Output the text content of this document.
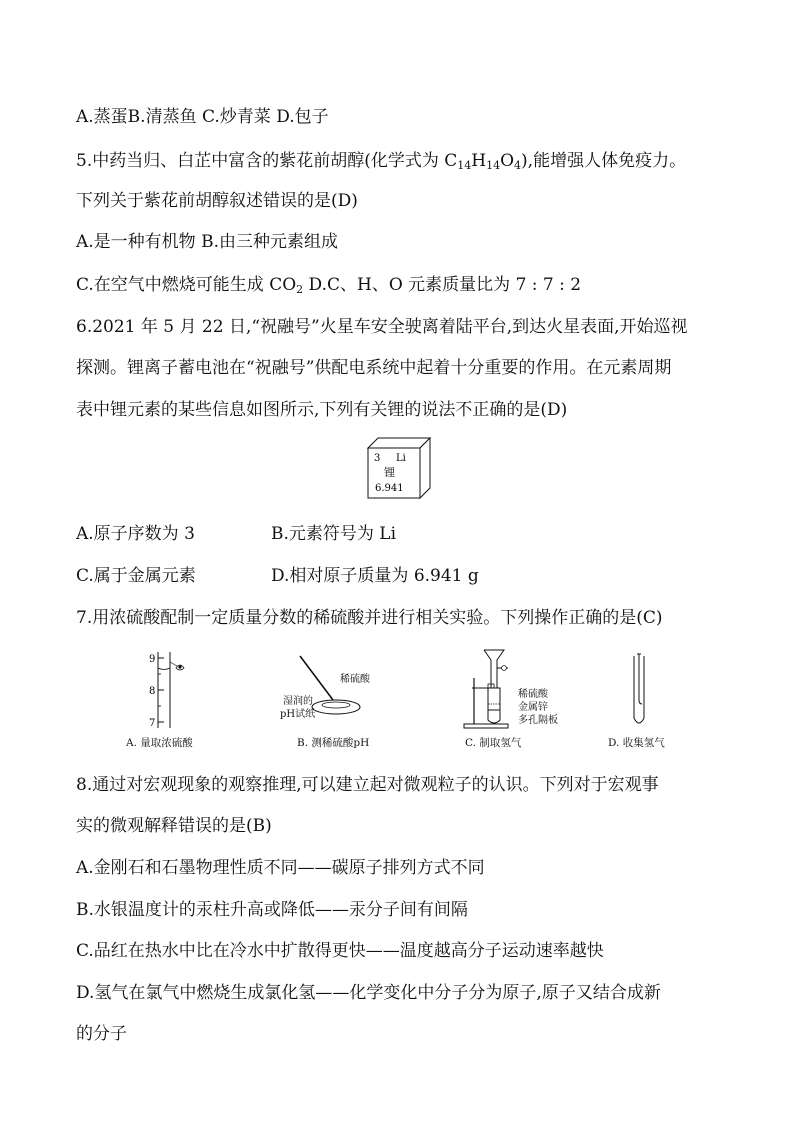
A.蒸蛋B.清蒸鱼 C.炒青菜 D.包子
5.中药当归、白芷中富含的紫花前胡醇(化学式为 $C_{14}H_{14}O_4$),能增强人体免疫力。
下列关于紫花前胡醇叙述错误的是(D)
A.是一种有机物 B.由三种元素组成
C.在空气中燃烧可能生成 $CO_2$ D.C、H、O 元素质量比为 7 : 7 : 2
6.2021 年 5 月 22 日,“祝融号”火星车安全驶离着陆平台,到达火星表面,开始巡视
探测。锂离子蓄电池在“祝融号”供配电系统中起着十分重要的作用。在元素周期
表中锂元素的某些信息如图所示,下列有关锂的说法不正确的是(D)
3 Li
锂
6.941
A.原子序数为 3	B.元素符号为 Li
C.属于金属元素	D.相对原子质量为 6.941 g
7.用浓硫酸配制一定质量分数的稀硫酸并进行相关实验。下列操作正确的是(C)
9
8
7
A. 量取浓硫酸
稀硫酸
湿润的
pH试纸
B. 测稀硫酸pH
稀硫酸
金属锌
多孔隔板
C. 制取氢气	D. 收集氢气
8.通过对宏观现象的观察推理,可以建立起对微观粒子的认识。下列对于宏观事
实的微观解释错误的是(B)
A.金刚石和石墨物理性质不同——碳原子排列方式不同
B.水银温度计的汞柱升高或降低——汞分子间有间隔
C.品红在热水中比在冷水中扩散得更快——温度越高分子运动速率越快
D.氢气在氯气中燃烧生成氯化氢——化学变化中分子分为原子,原子又结合成新
的分子
